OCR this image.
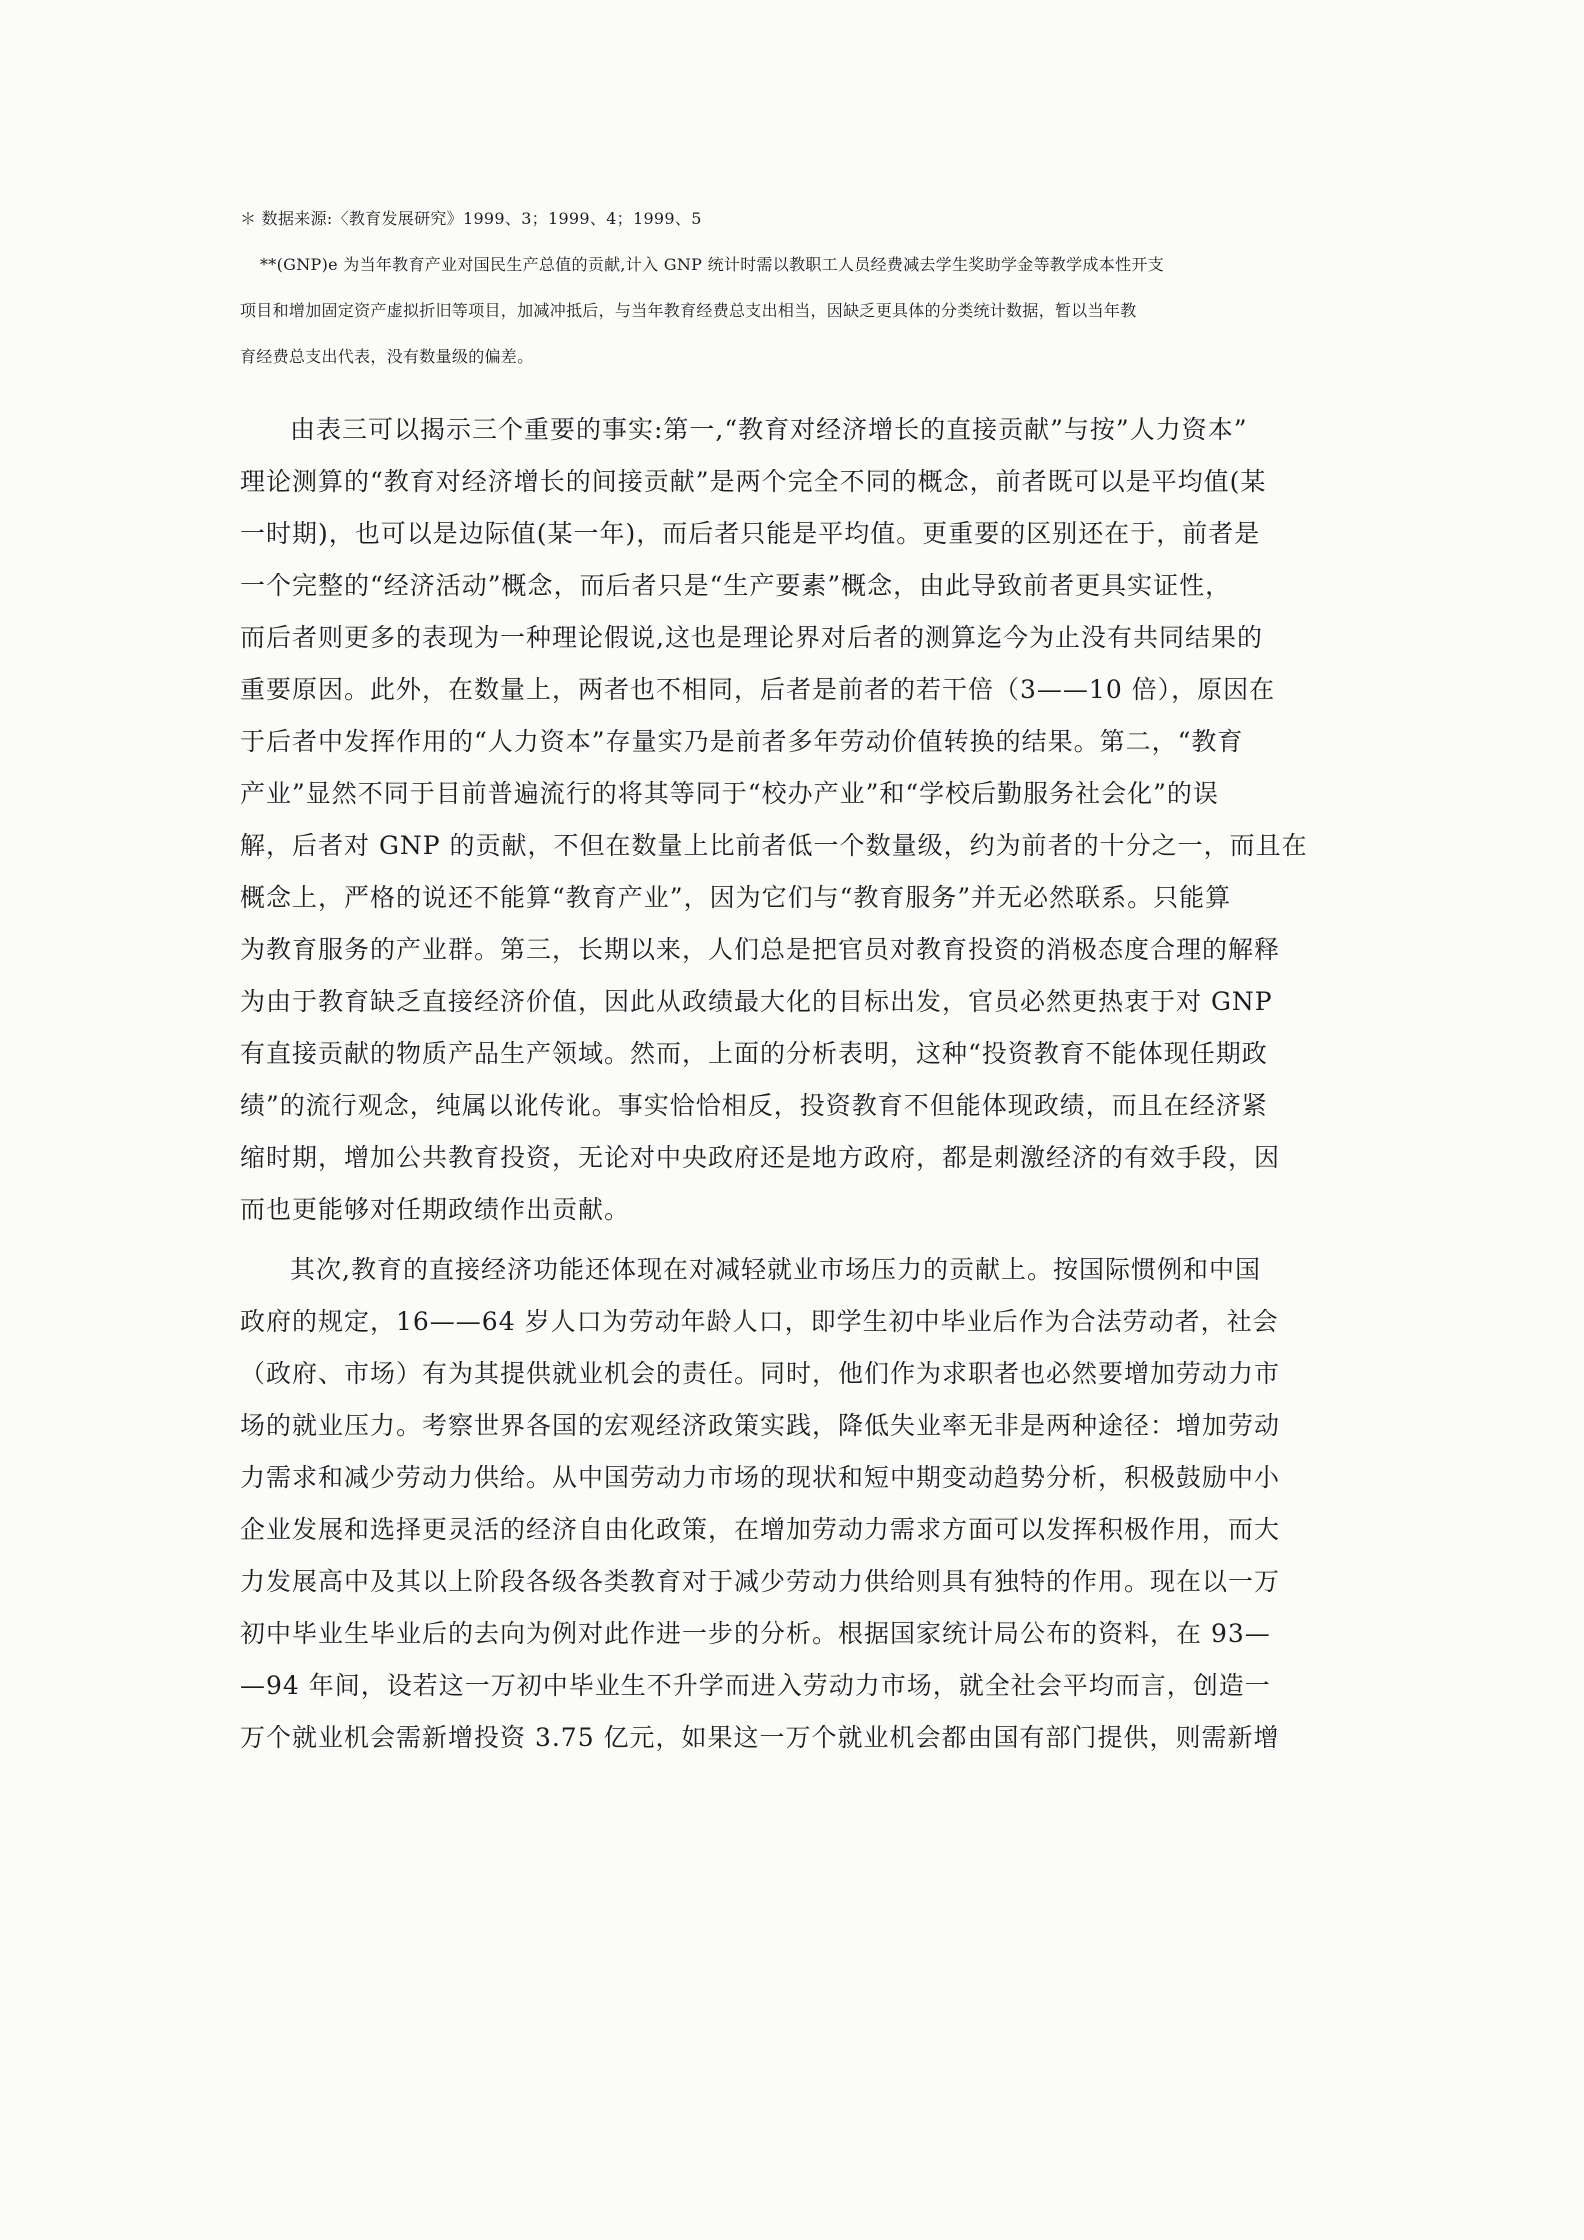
＊ 数据来源:〈教育发展研究》1999、3；1999、4；1999、5
**(GNP)e 为当年教育产业对国民生产总值的贡献,计入 GNP 统计时需以教职工人员经费减去学生奖助学金等教学成本性开支
项目和增加固定资产虚拟折旧等项目，加减冲抵后，与当年教育经费总支出相当，因缺乏更具体的分类统计数据，暂以当年教
育经费总支出代表，没有数量级的偏差。
由表三可以揭示三个重要的事实:第一,“教育对经济增长的直接贡献”与按”人力资本”
理论测算的“教育对经济增长的间接贡献”是两个完全不同的概念，前者既可以是平均值(某
一时期)，也可以是边际值(某一年)，而后者只能是平均值。更重要的区别还在于，前者是
一个完整的“经济活动”概念，而后者只是“生产要素”概念，由此导致前者更具实证性，
而后者则更多的表现为一种理论假说,这也是理论界对后者的测算迄今为止没有共同结果的
重要原因。此外，在数量上，两者也不相同，后者是前者的若干倍（3——10 倍），原因在
于后者中发挥作用的“人力资本”存量实乃是前者多年劳动价值转换的结果。第二，“教育
产业”显然不同于目前普遍流行的将其等同于“校办产业”和“学校后勤服务社会化”的误
解，后者对 GNP 的贡献，不但在数量上比前者低一个数量级，约为前者的十分之一，而且在
概念上，严格的说还不能算“教育产业”，因为它们与“教育服务”并无必然联系。只能算
为教育服务的产业群。第三，长期以来，人们总是把官员对教育投资的消极态度合理的解释
为由于教育缺乏直接经济价值，因此从政绩最大化的目标出发，官员必然更热衷于对 GNP
有直接贡献的物质产品生产领域。然而，上面的分析表明，这种“投资教育不能体现任期政
绩”的流行观念，纯属以讹传讹。事实恰恰相反，投资教育不但能体现政绩，而且在经济紧
缩时期，增加公共教育投资，无论对中央政府还是地方政府，都是刺激经济的有效手段，因
而也更能够对任期政绩作出贡献。
其次,教育的直接经济功能还体现在对减轻就业市场压力的贡献上。按国际惯例和中国
政府的规定，16——64 岁人口为劳动年龄人口，即学生初中毕业后作为合法劳动者，社会
（政府、市场）有为其提供就业机会的责任。同时，他们作为求职者也必然要增加劳动力市
场的就业压力。考察世界各国的宏观经济政策实践，降低失业率无非是两种途径：增加劳动
力需求和减少劳动力供给。从中国劳动力市场的现状和短中期变动趋势分析，积极鼓励中小
企业发展和选择更灵活的经济自由化政策，在增加劳动力需求方面可以发挥积极作用，而大
力发展高中及其以上阶段各级各类教育对于减少劳动力供给则具有独特的作用。现在以一万
初中毕业生毕业后的去向为例对此作进一步的分析。根据国家统计局公布的资料，在 93—
—94 年间，设若这一万初中毕业生不升学而进入劳动力市场，就全社会平均而言，创造一
万个就业机会需新增投资 3.75 亿元，如果这一万个就业机会都由国有部门提供，则需新增
